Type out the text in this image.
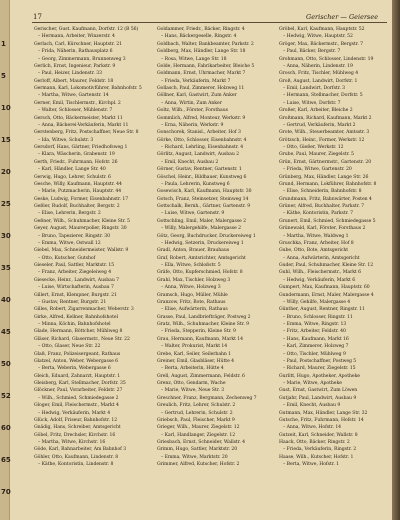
1
5
10
15
20
25
30
35
40
45
50
52
60
65
70
17	Gerischer — Geiersee
Gerischer, Gust. Kaufmann, Dorfstr. 12 (B 56)
– Hermann, Arbeiter, Winzerstr. 4
Gerlach, Carl, Kürschner, Hauptstr. 21
– Frida, Näherin, Rathausplatz 6
– Georg, Zimmermann, Brunnenweg 3
Gerlich, Ernst, Ingenieur, Parkstr. 9
– Paul, Heizer, Lindenstr. 33
Gerloff, Albert, Maurer, Feldstr. 18
Germann, Karl, Lokomotivführer, Bahnhofstr. 5
– Martha, Witwe, Gartenstr. 14
Gerner, Emil, Tischlermstr., Kirchpl. 2
– Walter, Schlosser, Mühlenstr. 7
Gersch, Otto, Bäckermeister, Markt 11
– Anna, Bäckerei-Verkäuferin, Markt 11
Gerstenberg, Fritz, Postschaffner, Neue Str. 8
– Ida, Witwe, Schulstr. 3
Gersdorf, Hans, Gärtner, Friedhofsweg 1
– Klara, Wäscherin, Grabenstr. 19
Gerth, Friedr., Fuhrmann, Hofstr. 26
– Karl, Händler, Lange Str. 40
Gerwig, Hugo, Lehrer, Schulstr. 6
Gesche, Willy, Kaufmann, Hauptstr. 44
– Marie, Putzmacherin, Hauptstr. 44
Geske, Ludwig, Former, Eisenbahnstr. 17
Geßler, Rudolf, Buchhalter, Bergstr. 2
– Elise, Lehrerin, Bergstr. 2
Geßner, Wilh., Schuhmacher, Kleine Str. 5
Geyer, August, Maurerpolier, Ringstr. 30
– Bruno, Tapezierer, Ringstr. 30
– Emma, Witwe, Ostwall 12
Giebel, Max, Schneidermeister, Wallstr. 9
– Otto, Kutscher, Gutshof
Gieseler, Paul, Sattler, Marktstr. 15
– Franz, Arbeiter, Ziegeleiweg 4
Giesecke, Heinr., Landwirt, Ausbau 7
– Luise, Wirtschafterin, Ausbau 7
Gillert, Ernst, Klempner, Burgstr. 21
– Gustav, Rentner, Burgstr. 21
Gilles, Robert, Zigarrenmacher, Weberstr. 3
Girke, Alfred, Kellner, Bahnhofshotel
– Minna, Köchin, Bahnhofshotel
Glade, Hermann, Böttcher, Mühlweg 8
Gläser, Richard, Glasermstr., Neue Str. 22
– Otto, Glaser, Neue Str. 22
Glaß, Franz, Polizeisergeant, Rathaus
Glatzel, Anton, Weber, Webergasse 6
– Berta, Weberin, Webergasse 6
Gleich, Eduard, Zahnarzt, Hauptstr. 1
Gleisberg, Karl, Stellmacher, Dorfstr. 35
Glöckner, Paul, Vorarbeiter, Feldstr. 27
– Wilh., Schmied, Schmiedegasse 2
Gloger, Emil, Fleischermstr., Markt 4
– Hedwig, Verkäuferin, Markt 4
Glück, Adolf, Friseur, Bahnhofstr. 12
Gnädig, Hans, Schreiber, Amtsgericht
Göbel, Fritz, Drechsler, Kirchstr. 16
– Martha, Witwe, Kirchstr. 16
Göde, Karl, Bahnarbeiter, Am Bahnhof 3
Göhler, Otto, Kaufmann, Lindenstr. 8
– Käthe, Kontoristin, Lindenstr. 8
Goldammer, Friedr., Bäcker, Ringstr. 4
– Hans, Bäckergeselle, Ringstr. 4
Goldbach, Walter, Bankbeamter, Parkstr. 2
Goldberg, Max, Händler, Lange Str. 18
– Rosa, Witwe, Lange Str. 18
Golde, Hermann, Fabrikarbeiter, Bleiche 5
Goldmann, Ernst, Uhrmacher, Markt 7
– Frieda, Verkäuferin, Markt 7
Gollasch, Paul, Zimmerer, Holzweg 11
Göllner, Karl, Gastwirt, Zum Anker
– Anna, Wirtin, Zum Anker
Goltz, Wilh., Förster, Forsthaus
Gommlich, Alfred, Monteur, Werkstr. 9
– Erna, Näherin, Werkstr. 9
Gonschorek, Stanisl., Arbeiter, Hof 3
Görke, Otto, Schlosser, Eisenbahnstr. 4
– Richard, Lehrling, Eisenbahnstr. 4
Görlitz, August, Landwirt, Ausbau 2
– Emil, Knecht, Ausbau 2
Görner, Gustav, Rentner, Gartenstr. 1
Göschel, Heinr., Bildhauer, Kunstweg 6
– Paula, Lehrerin, Kunstweg 6
Gosewisch, Karl, Kaufmann, Hauptstr. 30
Gotsch, Franz, Steinsetzer, Steinweg 14
Gottschalk, Bernh., Gärtner, Gartenstr. 9
– Luise, Witwe, Gartenstr. 9
Gottschling, Emil, Maler, Malergasse 2
– Willy, Malergehilfe, Malergasse 2
Götz, Georg, Buchdrucker, Druckereiweg 1
– Hedwig, Setzerin, Druckereiweg 1
Gradl, Anton, Brauer, Brauhaus
Graf, Robert, Amtsrichter, Amtsgericht
– Ella, Witwe, Schloßstr. 5
Gräfe, Otto, Kupferschmied, Hofstr. 8
Grahl, Max, Tischler, Holzweg 3
– Anna, Witwe, Holzweg 3
Gramsch, Hugo, Müller, Mühle
Granzow, Fritz, Bote, Rathaus
– Elise, Aufwärterin, Rathaus
Grasse, Paul, Landbriefträger, Postweg 2
Gratz, Wilh., Schuhmacher, Kleine Str. 9
– Frieda, Stepperin, Kleine Str. 9
Grau, Hermann, Kaufmann, Markt 14
– Walter, Prokurist, Markt 14
Grebe, Karl, Seiler, Seilerbahn 1
Greiner, Emil, Glasbläser, Hütte 4
– Berta, Arbeiterin, Hütte 4
Grell, August, Zimmermann, Feldstr. 6
Grenz, Otto, Gendarm, Wache
– Marie, Witwe, Neue Str. 3
Greschner, Franz, Bergmann, Zechenweg 7
Greulich, Fritz, Lehrer, Schulstr. 2
– Gertrud, Lehrerin, Schulstr. 2
Griebsch, Paul, Fleischer, Markt 9
Grieger, Wilh., Maurer, Ziegelstr. 12
– Karl, Handlanger, Ziegelstr. 12
Griesbach, Ernst, Schneider, Wallstr. 4
Grimm, Hugo, Sattler, Marktstr. 20
– Emma, Witwe, Marktstr. 20
Grimmer, Alfred, Kutscher, Hofstr. 2
Gröbel, Karl, Kaufmann, Hauptstr. 52
– Hedwig, Witwe, Hauptstr. 52
Gröger, Max, Bäckermstr., Bergstr. 7
– Paul, Bäcker, Bergstr. 7
Grohmann, Otto, Schlosser, Lindenstr. 19
– Anna, Näherin, Lindenstr. 19
Grosch, Fritz, Tischler, Mühlweg 4
Groß, August, Landwirt, Dorfstr. 1
– Emil, Landwirt, Dorfstr. 3
– Hermann, Stellmacher, Dorfstr. 5
– Luise, Witwe, Dorfstr. 7
Großer, Karl, Arbeiter, Bleiche 2
Großmann, Richard, Kaufmann, Markt 2
– Gertrud, Verkäuferin, Markt 2
Grote, Wilh., Steuerbeamter, Amtsstr. 3
Grötzsch, Heinr., Former, Werkstr. 12
– Otto, Gießer, Werkstr. 12
Grube, Paul, Maurer, Ziegelstr. 5
Grün, Ernst, Gärtnermstr., Gartenstr. 20
– Frieda, Witwe, Gartenstr. 20
Grünberg, Max, Händler, Lange Str. 26
Grund, Hermann, Lokführer, Bahnhofstr. 8
– Elise, Schneiderin, Bahnhofstr. 8
Grundmann, Fritz, Bahnwärter, Posten 4
Grüner, Alfred, Buchhalter, Parkstr. 7
– Käthe, Kontoristin, Parkstr. 7
Grunert, Emil, Schmied, Schmiedegasse 5
Grünewald, Karl, Förster, Forsthaus 2
– Martha, Witwe, Waldweg 1
Gruschka, Franz, Arbeiter, Hof 8
Gube, Otto, Bote, Amtsgericht
– Anna, Aufwärterin, Amtsgericht
Guder, Paul, Schuhmacher, Kleine Str. 12
Guhl, Wilh., Fleischermstr., Markt 6
– Hedwig, Verkäuferin, Markt 6
Gumpert, Max, Kaufmann, Hauptstr. 60
Gundermann, Ernst, Maler, Malergasse 4
– Willy, Gehilfe, Malergasse 4
Günther, August, Rentner, Ringstr. 11
– Bruno, Schlosser, Ringstr. 11
– Emma, Witwe, Ringstr. 13
– Fritz, Arbeiter, Feldstr. 40
– Hans, Kaufmann, Markt 16
– Karl, Zimmerer, Holzweg 7
– Otto, Tischler, Mühlweg 9
– Paul, Postschaffner, Postweg 5
– Richard, Maurer, Ziegelstr. 15
Gurlitt, Hugo, Apotheker, Apotheke
– Marie, Witwe, Apotheke
Gust, Ernst, Gastwirt, Zum Löwen
Gutjahr, Paul, Landwirt, Ausbau 9
– Emil, Knecht, Ausbau 9
Gutmann, Max, Händler, Lange Str. 32
Gutsche, Fritz, Fuhrmann, Hofstr. 14
– Anna, Witwe, Hofstr. 14
Gutzeit, Karl, Schneider, Wallstr. 8
Haack, Otto, Bäcker, Ringstr. 2
– Frieda, Verkäuferin, Ringstr. 2
Haase, Wilh., Kutscher, Hofstr. 1
– Berta, Witwe, Hofstr. 1
